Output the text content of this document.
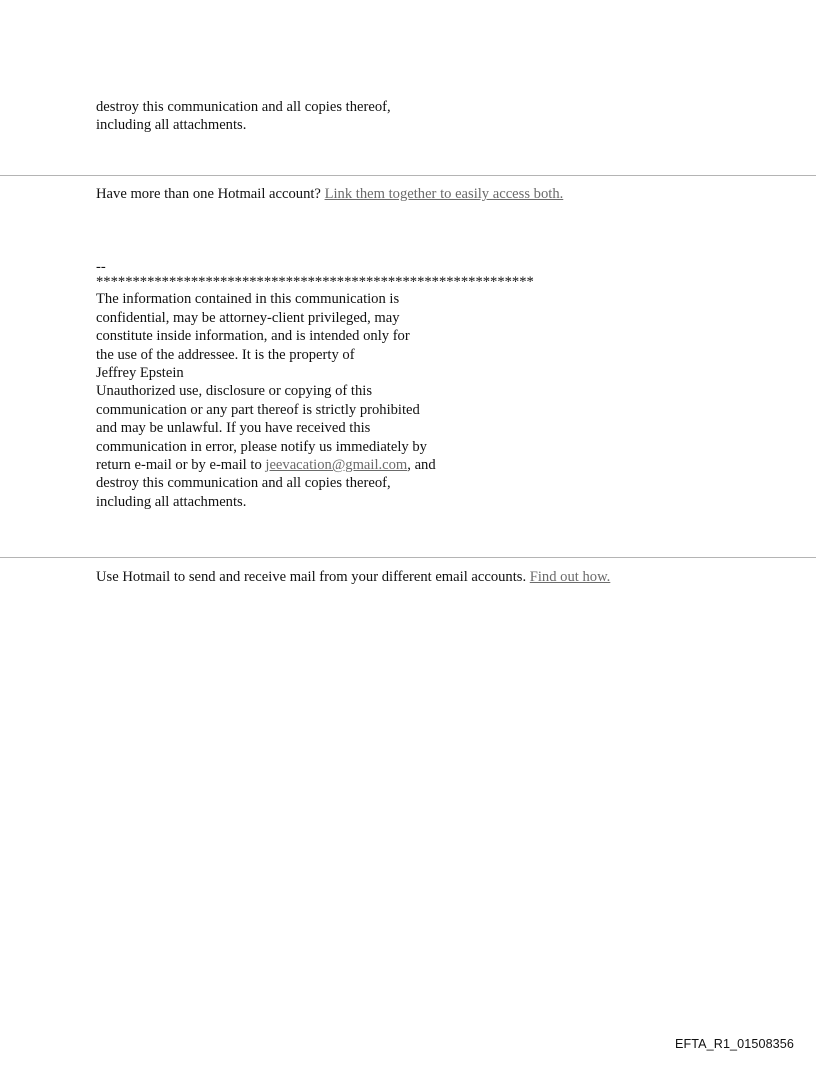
destroy this communication and all copies thereof,
including all attachments.
Have more than one Hotmail account? Link them together to easily access both.
--
************************************************************
The information contained in this communication is
confidential, may be attorney-client privileged, may
constitute inside information, and is intended only for
the use of the addressee. It is the property of
Jeffrey Epstein
Unauthorized use, disclosure or copying of this
communication or any part thereof is strictly prohibited
and may be unlawful. If you have received this
communication in error, please notify us immediately by
return e-mail or by e-mail to jeevacation@gmail.com, and
destroy this communication and all copies thereof,
including all attachments.
Use Hotmail to send and receive mail from your different email accounts. Find out how.
EFTA_R1_01508356
